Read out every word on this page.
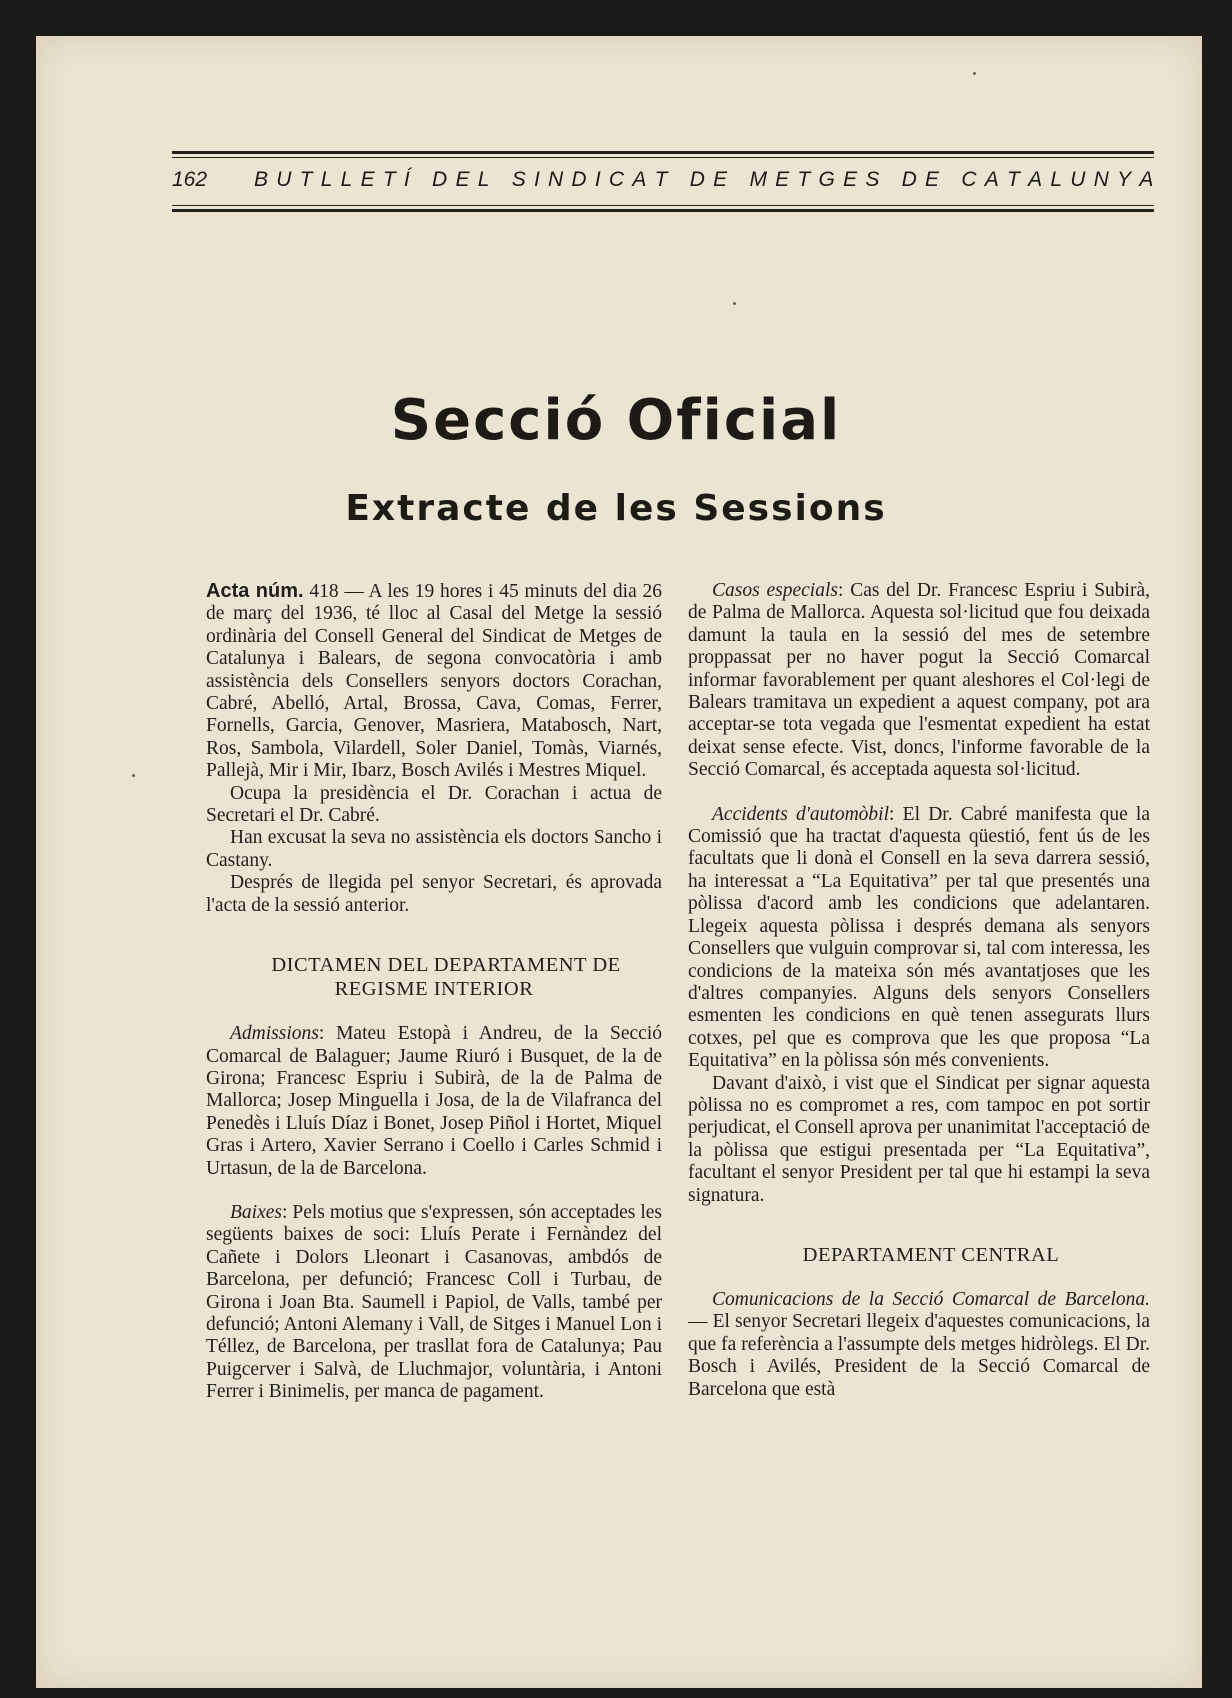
162 B U T L L E T Í
D E L
S I N D I C A T
D E
M E T G E S
D E
C A T A L U N Y A
Secció Oficial
Extracte de les Sessions

Acta núm. 418 — A les 19 hores i 45 minuts del dia 26 de març del 1936, té lloc al Casal del Metge la sessió ordinària del Consell General del Sindicat de Metges de Catalunya i Balears, de segona convocatòria i amb assistència dels Consellers senyors doctors Corachan, Cabré, Abelló, Artal, Brossa, Cava, Comas, Ferrer, Fornells, Garcia, Genover, Masriera, Matabosch, Nart, Ros, Sambola, Vilardell, Soler Daniel, Tomàs, Viarnés, Pallejà, Mir i Mir, Ibarz, Bosch Avilés i Mestres Miquel.

Ocupa la presidència el Dr. Corachan i actua de Secretari el Dr. Cabré.

Han excusat la seva no assistència els doctors Sancho i Castany.

Després de llegida pel senyor Secretari, és aprovada l'acta de la sessió anterior.

DICTAMEN DEL DEPARTAMENT DE REGISME INTERIOR

Admissions: Mateu Estopà i Andreu, de la Secció Comarcal de Balaguer; Jaume Riuró i Busquet, de la de Girona; Francesc Espriu i Subirà, de la de Palma de Mallorca; Josep Minguella i Josa, de la de Vilafranca del Penedès i Lluís Díaz i Bonet, Josep Piñol i Hortet, Miquel Gras i Artero, Xavier Serrano i Coello i Carles Schmid i Urtasun, de la de Barcelona.

Baixes: Pels motius que s'expressen, són acceptades les següents baixes de soci: Lluís Perate i Fernàndez del Cañete i Dolors Lleonart i Casanovas, ambdós de Barcelona, per defunció; Francesc Coll i Turbau, de Girona i Joan Bta. Saumell i Papiol, de Valls, també per defunció; Antoni Alemany i Vall, de Sitges i Manuel Lon i Téllez, de Barcelona, per trasllat fora de Catalunya; Pau Puigcerver i Salvà, de Lluchmajor, voluntària, i Antoni Ferrer i Binimelis, per manca de pagament.

Casos especials: Cas del Dr. Francesc Espriu i Subirà, de Palma de Mallorca. Aquesta sol·licitud que fou deixada damunt la taula en la sessió del mes de setembre proppassat per no haver pogut la Secció Comarcal informar favorablement per quant aleshores el Col·legi de Balears tramitava un expedient a aquest company, pot ara acceptar-se tota vegada que l'esmentat expedient ha estat deixat sense efecte. Vist, doncs, l'informe favorable de la Secció Comarcal, és acceptada aquesta sol·licitud.

Accidents d'automòbil: El Dr. Cabré manifesta que la Comissió que ha tractat d'aquesta qüestió, fent ús de les facultats que li donà el Consell en la seva darrera sessió, ha interessat a “La Equitativa” per tal que presentés una pòlissa d'acord amb les condicions que adelantaren. Llegeix aquesta pòlissa i després demana als senyors Consellers que vulguin comprovar si, tal com interessa, les condicions de la mateixa són més avantatjoses que les d'altres companyies. Alguns dels senyors Consellers esmenten les condicions en què tenen assegurats llurs cotxes, pel que es comprova que les que proposa “La Equitativa” en la pòlissa són més convenients.

Davant d'això, i vist que el Sindicat per signar aquesta pòlissa no es compromet a res, com tampoc en pot sortir perjudicat, el Consell aprova per unanimitat l'acceptació de la pòlissa que estigui presentada per “La Equitativa”, facultant el senyor President per tal que hi estampi la seva signatura.

DEPARTAMENT CENTRAL

Comunicacions de la Secció Comarcal de Barcelona. — El senyor Secretari llegeix d'aquestes comunicacions, la que fa referència a l'assumpte dels metges hidròlegs. El Dr. Bosch i Avilés, President de la Secció Comarcal de Barcelona que està
